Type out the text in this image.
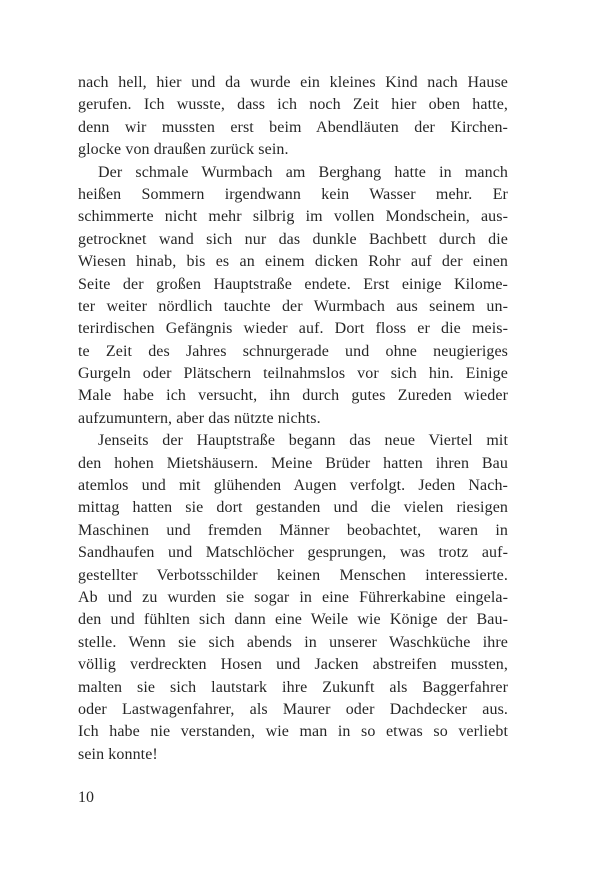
nach hell, hier und da wurde ein kleines Kind nach Hause
gerufen. Ich wusste, dass ich noch Zeit hier oben hatte,
denn wir mussten erst beim Abendläuten der Kirchen-
glocke von draußen zurück sein.
Der schmale Wurmbach am Berghang hatte in manch
heißen Sommern irgendwann kein Wasser mehr. Er
schimmerte nicht mehr silbrig im vollen Mondschein, aus-
getrocknet wand sich nur das dunkle Bachbett durch die
Wiesen hinab, bis es an einem dicken Rohr auf der einen
Seite der großen Hauptstraße endete. Erst einige Kilome-
ter weiter nördlich tauchte der Wurmbach aus seinem un-
terirdischen Gefängnis wieder auf. Dort floss er die meis-
te Zeit des Jahres schnurgerade und ohne neugieriges
Gurgeln oder Plätschern teilnahmslos vor sich hin. Einige
Male habe ich versucht, ihn durch gutes Zureden wieder
aufzumuntern, aber das nützte nichts.
Jenseits der Hauptstraße begann das neue Viertel mit
den hohen Mietshäusern. Meine Brüder hatten ihren Bau
atemlos und mit glühenden Augen verfolgt. Jeden Nach-
mittag hatten sie dort gestanden und die vielen riesigen
Maschinen und fremden Männer beobachtet, waren in
Sandhaufen und Matschlöcher gesprungen, was trotz auf-
gestellter Verbotsschilder keinen Menschen interessierte.
Ab und zu wurden sie sogar in eine Führerkabine eingela-
den und fühlten sich dann eine Weile wie Könige der Bau-
stelle. Wenn sie sich abends in unserer Waschküche ihre
völlig verdreckten Hosen und Jacken abstreifen mussten,
malten sie sich lautstark ihre Zukunft als Baggerfahrer
oder Lastwagenfahrer, als Maurer oder Dachdecker aus.
Ich habe nie verstanden, wie man in so etwas so verliebt
sein konnte!
10
